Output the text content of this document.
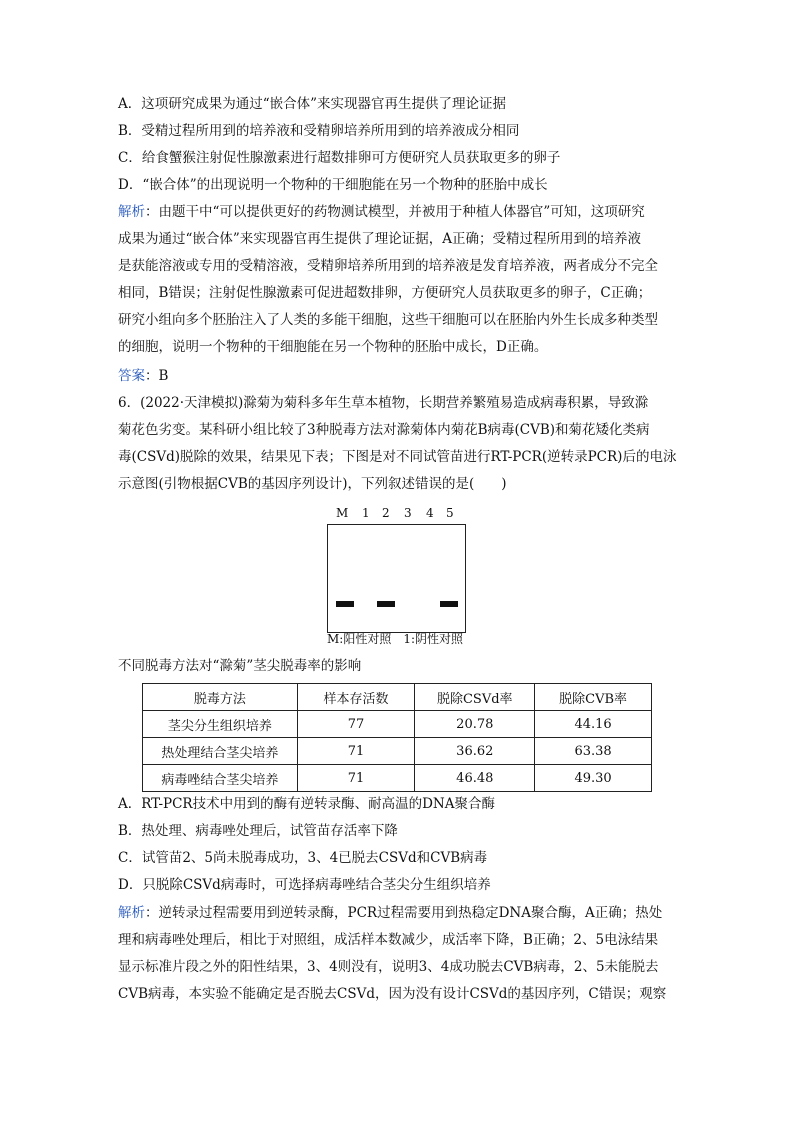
A．这项研究成果为通过“嵌合体”来实现器官再生提供了理论证据
B．受精过程所用到的培养液和受精卵培养所用到的培养液成分相同
C．给食蟹猴注射促性腺激素进行超数排卵可方便研究人员获取更多的卵子
D．“嵌合体”的出现说明一个物种的干细胞能在另一个物种的胚胎中成长
解析：由题干中“可以提供更好的药物测试模型，并被用于种植人体器官”可知，这项研究
成果为通过“嵌合体”来实现器官再生提供了理论证据，A正确；受精过程所用到的培养液
是获能溶液或专用的受精溶液，受精卵培养所用到的培养液是发育培养液，两者成分不完全
相同，B错误；注射促性腺激素可促进超数排卵，方便研究人员获取更多的卵子，C正确；
研究小组向多个胚胎注入了人类的多能干细胞，这些干细胞可以在胚胎内外生长成多种类型
的细胞，说明一个物种的干细胞能在另一个物种的胚胎中成长，D正确。
答案：B
6．(2022·天津模拟)滁菊为菊科多年生草本植物，长期营养繁殖易造成病毒积累，导致滁
菊花色劣变。某科研小组比较了3种脱毒方法对滁菊体内菊花B病毒(CVB)和菊花矮化类病
毒(CSVd)脱除的效果，结果见下表；下图是对不同试管苗进行RT-PCR(逆转录PCR)后的电泳
示意图(引物根据CVB的基因序列设计)，下列叙述错误的是(　　)
M 1 2 3 4 5
M:阳性对照　1:阴性对照
不同脱毒方法对“滁菊”茎尖脱毒率的影响
脱毒方法	样本存活数	脱除CSVd率	脱除CVB率
茎尖分生组织培养	77	20.78	44.16
热处理结合茎尖培养	71	36.62	63.38
病毒唑结合茎尖培养	71	46.48	49.30
A．RT-PCR技术中用到的酶有逆转录酶、耐高温的DNA聚合酶
B．热处理、病毒唑处理后，试管苗存活率下降
C．试管苗2、5尚未脱毒成功，3、4已脱去CSVd和CVB病毒
D．只脱除CSVd病毒时，可选择病毒唑结合茎尖分生组织培养
解析：逆转录过程需要用到逆转录酶，PCR过程需要用到热稳定DNA聚合酶，A正确；热处
理和病毒唑处理后，相比于对照组，成活样本数减少，成活率下降，B正确；2、5电泳结果
显示标准片段之外的阳性结果，3、4则没有，说明3、4成功脱去CVB病毒，2、5未能脱去
CVB病毒，本实验不能确定是否脱去CSVd，因为没有设计CSVd的基因序列，C错误；观察
